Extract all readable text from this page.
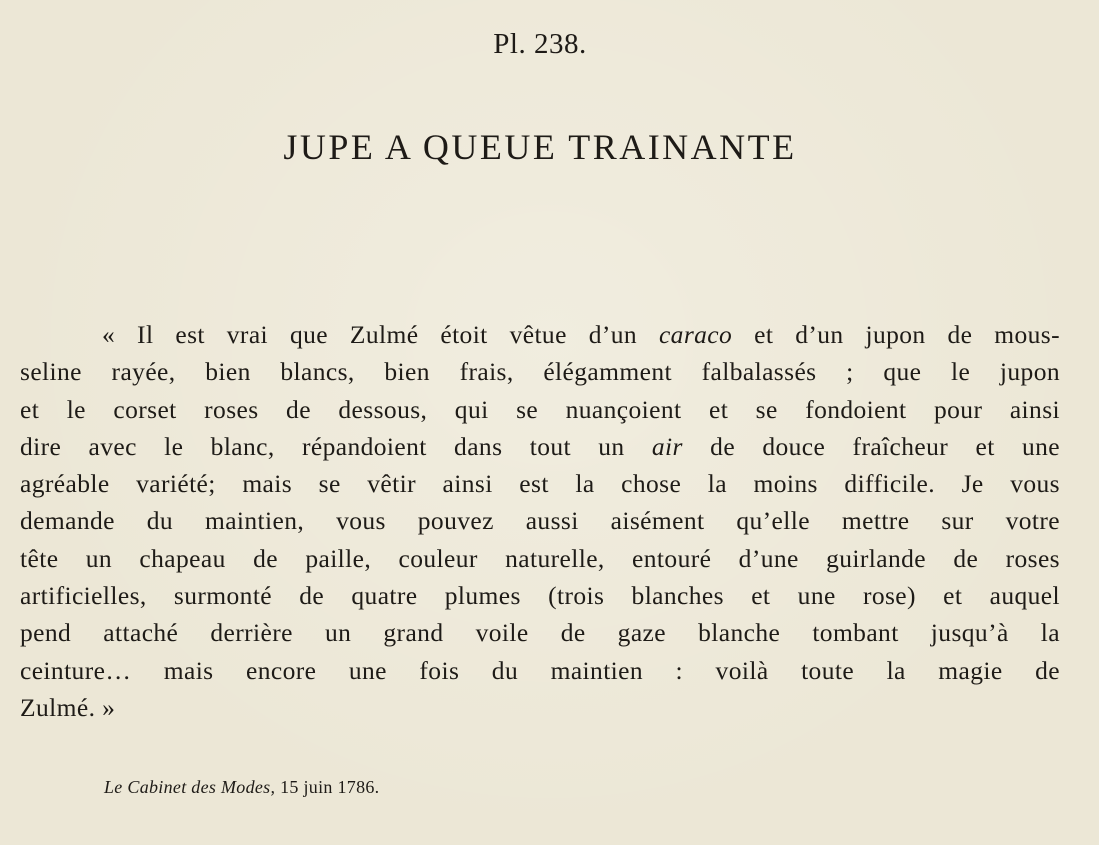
Pl. 238.
JUPE A QUEUE TRAINANTE
« Il est vrai que Zulmé étoit vêtue d’un caraco et d’un jupon de mous-
seline rayée, bien blancs, bien frais, élégamment falbalassés ; que le jupon
et le corset roses de dessous, qui se nuançoient et se fondoient pour ainsi
dire avec le blanc, répandoient dans tout un air de douce fraîcheur et une
agréable variété; mais se vêtir ainsi est la chose la moins difficile. Je vous
demande du maintien, vous pouvez aussi aisément qu’elle mettre sur votre
tête un chapeau de paille, couleur naturelle, entouré d’une guirlande de roses
artificielles, surmonté de quatre plumes (trois blanches et une rose) et auquel
pend attaché derrière un grand voile de gaze blanche tombant jusqu’à la
ceinture… mais encore une fois du maintien : voilà toute la magie de
Zulmé. »
Le Cabinet des Modes, 15 juin 1786.
